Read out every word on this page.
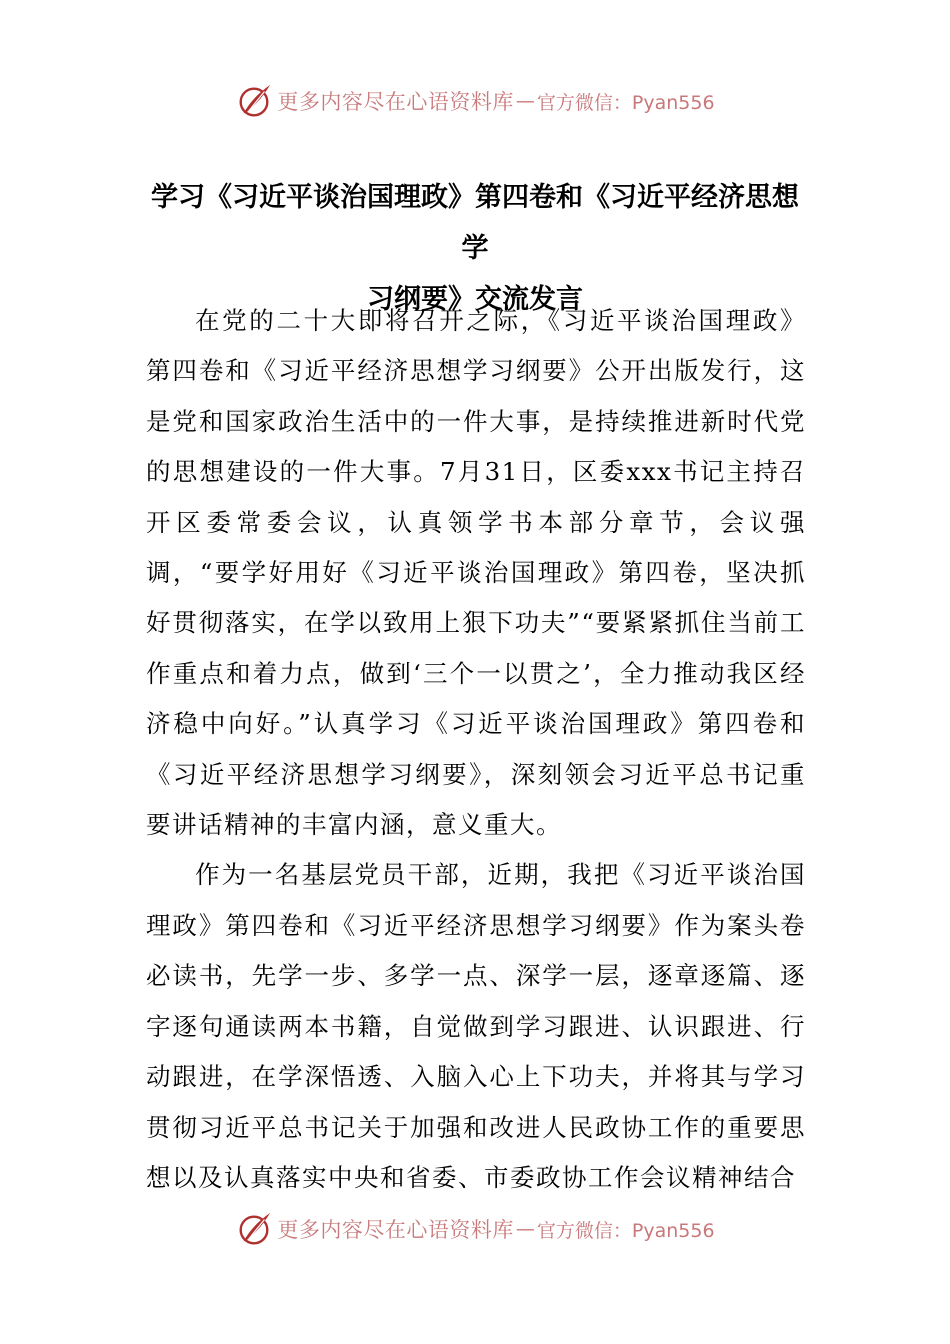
更多内容尽在心语资料库 — 官方微信：Pyan556
学习《习近平谈治国理政》第四卷和《习近平经济思想学
习纲要》交流发言

在党的二十大即将召开之际，《习近平谈治国理政》第四卷和《习近平经济思想学习纲要》公开出版发行，这是党和国家政治生活中的一件大事，是持续推进新时代党的思想建设的一件大事。7月31日，区委xxx书记主持召开区委常委会议，认真领学书本部分章节，会议强调，“要学好用好《习近平谈治国理政》第四卷，坚决抓好贯彻落实，在学以致用上狠下功夫”“要紧紧抓住当前工作重点和着力点，做到‘三个一以贯之’，全力推动我区经济稳中向好。”认真学习《习近平谈治国理政》第四卷和《习近平经济思想学习纲要》，深刻领会习近平总书记重要讲话精神的丰富内涵，意义重大。

作为一名基层党员干部，近期，我把《习近平谈治国理政》第四卷和《习近平经济思想学习纲要》作为案头卷必读书，先学一步、多学一点、深学一层，逐章逐篇、逐字逐句通读两本书籍，自觉做到学习跟进、认识跟进、行动跟进，在学深悟透、入脑入心上下功夫，并将其与学习贯彻习近平总书记关于加强和改进人民政协工作的重要思想以及认真落实中央和省委、市委政协工作会议精神结合

更多内容尽在心语资料库 — 官方微信：Pyan556
